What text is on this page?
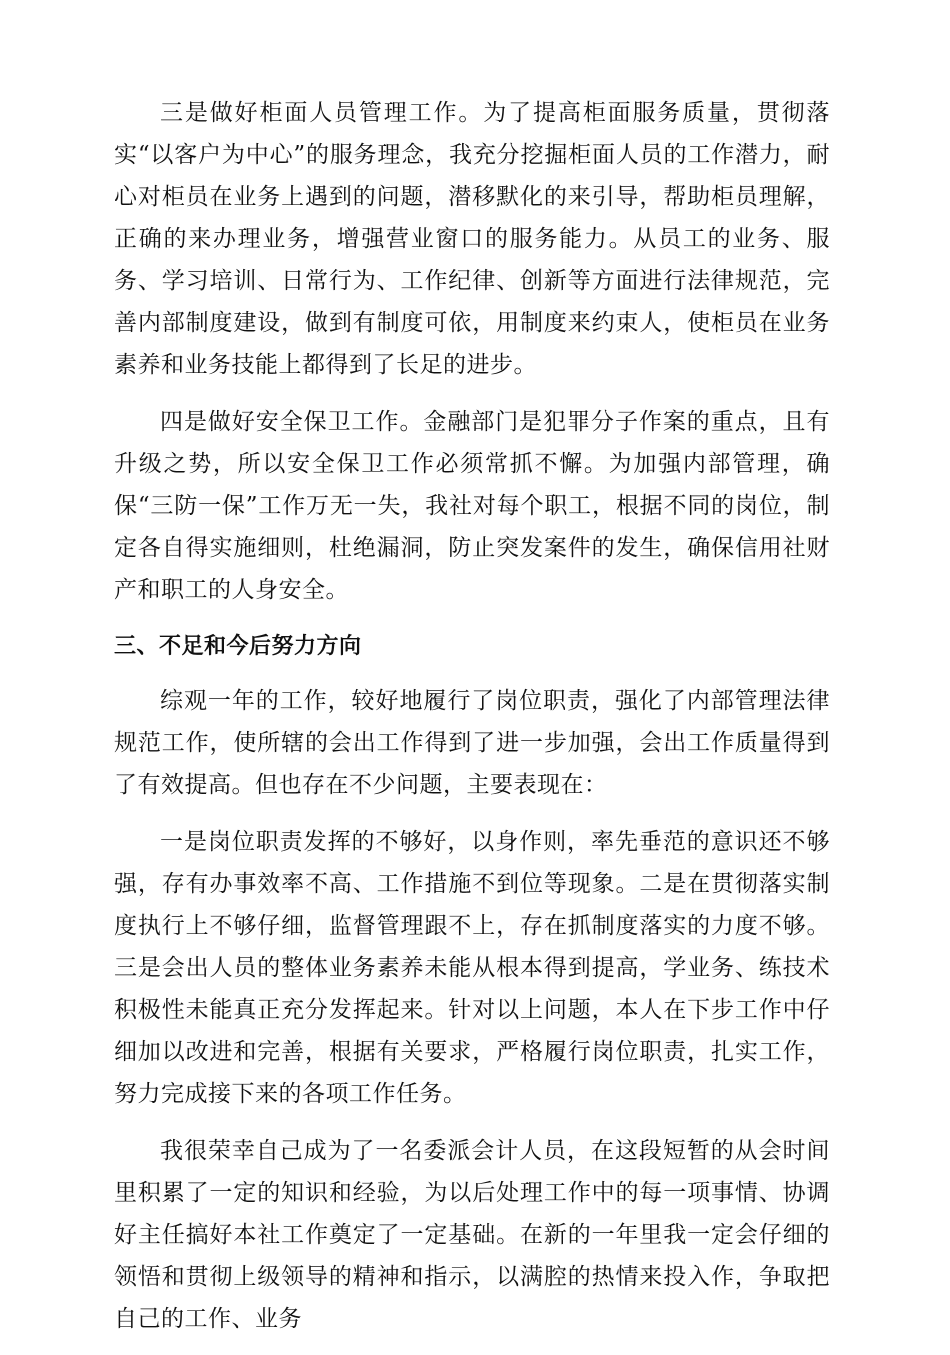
三是做好柜面人员管理工作。为了提高柜面服务质量，贯彻落实“以客户为中心”的服务理念，我充分挖掘柜面人员的工作潜力，耐心对柜员在业务上遇到的问题，潜移默化的来引导，帮助柜员理解，正确的来办理业务，增强营业窗口的服务能力。从员工的业务、服务、学习培训、日常行为、工作纪律、创新等方面进行法律规范，完善内部制度建设，做到有制度可依，用制度来约束人，使柜员在业务素养和业务技能上都得到了长足的进步。

四是做好安全保卫工作。金融部门是犯罪分子作案的重点，且有升级之势，所以安全保卫工作必须常抓不懈。为加强内部管理，确保“三防一保”工作万无一失，我社对每个职工，根据不同的岗位，制定各自得实施细则，杜绝漏洞，防止突发案件的发生，确保信用社财产和职工的人身安全。

三、不足和今后努力方向

综观一年的工作，较好地履行了岗位职责，强化了内部管理法律规范工作，使所辖的会出工作得到了进一步加强，会出工作质量得到了有效提高。但也存在不少问题，主要表现在：

一是岗位职责发挥的不够好，以身作则，率先垂范的意识还不够强，存有办事效率不高、工作措施不到位等现象。二是在贯彻落实制度执行上不够仔细，监督管理跟不上，存在抓制度落实的力度不够。三是会出人员的整体业务素养未能从根本得到提高，学业务、练技术积极性未能真正充分发挥起来。针对以上问题，本人在下步工作中仔细加以改进和完善，根据有关要求，严格履行岗位职责，扎实工作，努力完成接下来的各项工作任务。

我很荣幸自己成为了一名委派会计人员，在这段短暂的从会时间里积累了一定的知识和经验，为以后处理工作中的每一项事情、协调好主任搞好本社工作奠定了一定基础。在新的一年里我一定会仔细的领悟和贯彻上级领导的精神和指示，以满腔的热情来投入作，争取把自己的工作、业务
